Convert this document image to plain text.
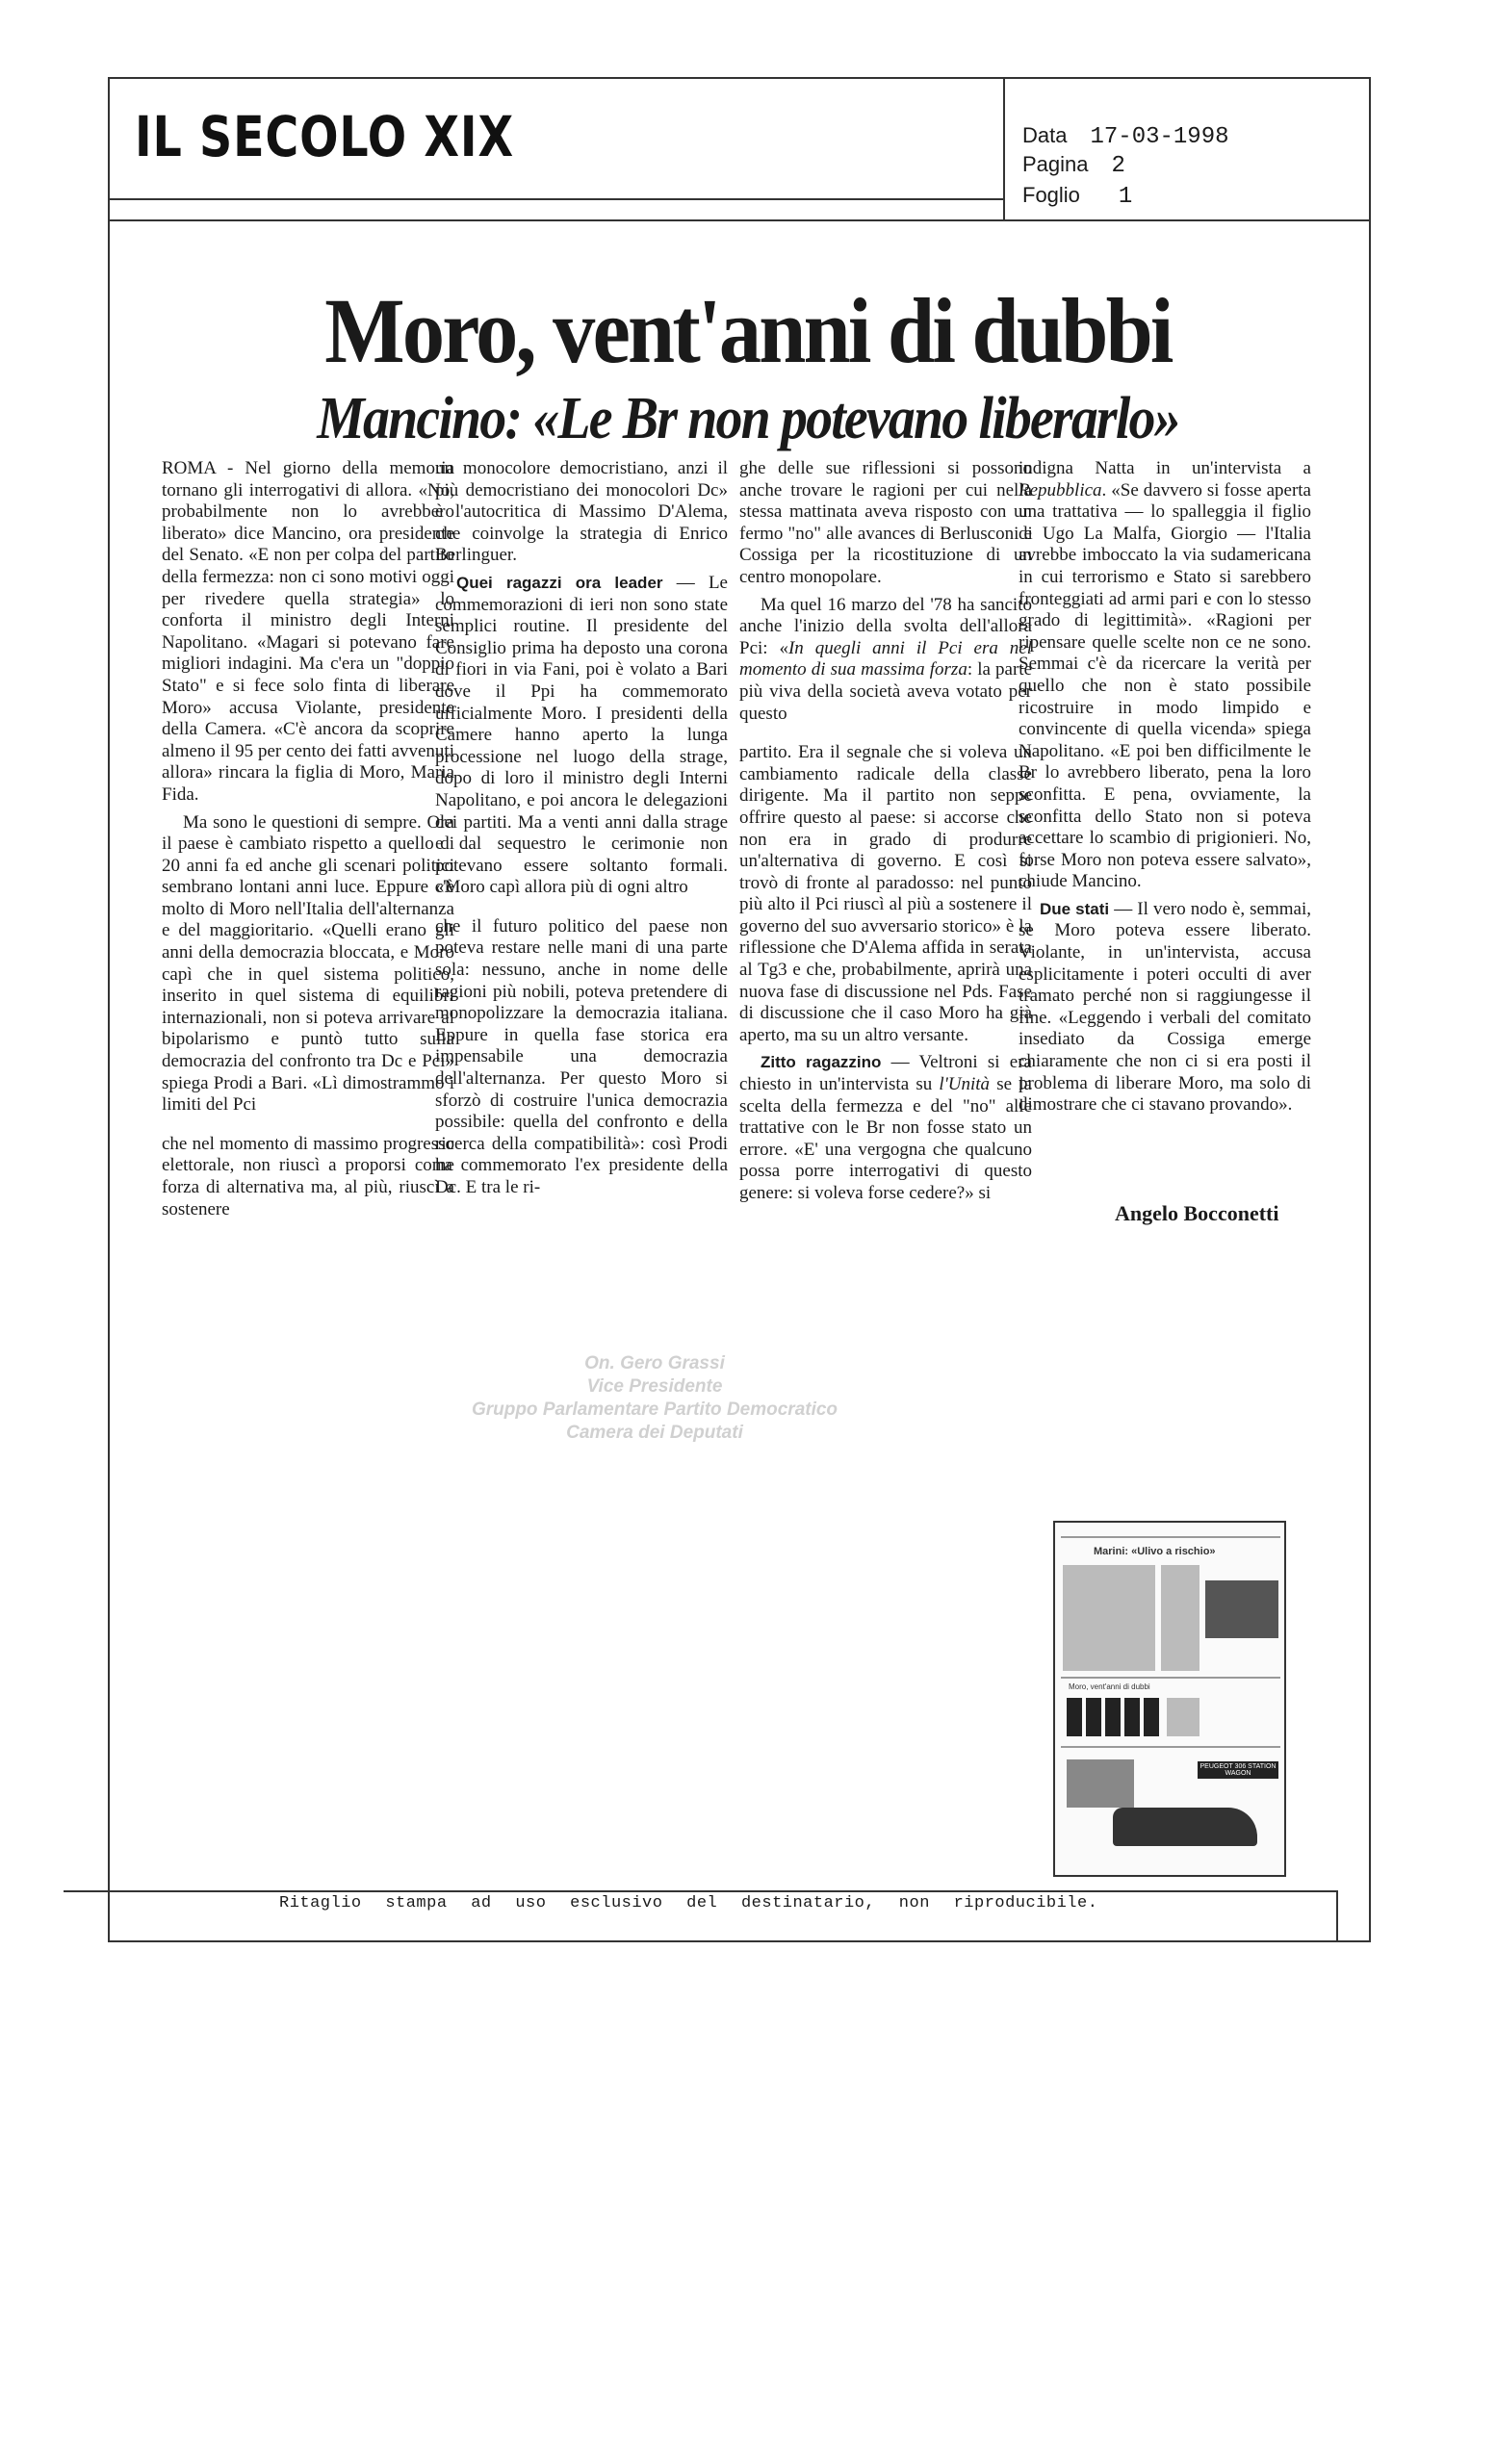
IL SECOLO XIX	Data 17-03-1998
Pagina 2
Foglio 1
Moro, vent'anni di dubbi
Mancino: «Le Br non potevano liberarlo»

ROMA - Nel giorno della memoria tornano gli interrogativi di allora. «No, probabilmente non lo avrebbero liberato» dice Mancino, ora presidente del Senato. «E non per colpa del partito della fermezza: non ci sono motivi oggi per rivedere quella strategia» lo conforta il ministro degli Interni Napolitano. «Magari si potevano fare migliori indagini. Ma c'era un "doppio Stato" e si fece solo finta di liberare Moro» accusa Violante, presidente della Camera. «C'è ancora da scoprire almeno il 95 per cento dei fatti avvenuti allora» rincara la figlia di Moro, Maria Fida.

Ma sono le questioni di sempre. Ora il paese è cambiato rispetto a quello di 20 anni fa ed anche gli scenari politici sembrano lontani anni luce. Eppure c'è molto di Moro nell'Italia dell'alternanza e del maggioritario. «Quelli erano gli anni della democrazia bloccata, e Moro capì che in quel sistema politico, inserito in quel sistema di equilibri internazionali, non si poteva arrivare al bipolarismo e puntò tutto sulla democrazia del confronto tra Dc e Pci» spiega Prodi a Bari. «Lì dimostrammo i limiti del Pci

che nel momento di massimo progresso elettorale, non riuscì a proporsi come forza di alternativa ma, al più, riuscì a sostenere

un monocolore democristiano, anzi il più democristiano dei monocolori Dc» è l'autocritica di Massimo D'Alema, che coinvolge la strategia di Enrico Berlinguer.

Quei ragazzi ora leader — Le commemorazioni di ieri non sono state semplici routine. Il presidente del Consiglio prima ha deposto una corona di fiori in via Fani, poi è volato a Bari dove il Ppi ha commemorato ufficialmente Moro. I presidenti della Camere hanno aperto la lunga processione nel luogo della strage, dopo di loro il ministro degli Interni Napolitano, e poi ancora le delegazioni dei partiti. Ma a venti anni dalla strage e dal sequestro le cerimonie non potevano essere soltanto formali. «Moro capì allora più di ogni altro

che il futuro politico del paese non poteva restare nelle mani di una parte sola: nessuno, anche in nome delle ragioni più nobili, poteva pretendere di monopolizzare la democrazia italiana. Eppure in quella fase storica era impensabile una democrazia dell'alternanza. Per questo Moro si sforzò di costruire l'unica democrazia possibile: quella del confronto e della ricerca della compatibilità»: così Prodi ha commemorato l'ex presidente della Dc. E tra le ri-

ghe delle sue riflessioni si possono anche trovare le ragioni per cui nella stessa mattinata aveva risposto con un fermo "no" alle avances di Berlusconi e Cossiga per la ricostituzione di un centro monopolare.

Ma quel 16 marzo del '78 ha sancito anche l'inizio della svolta dell'allora Pci: «In quegli anni il Pci era nel momento di sua massima forza: la parte più viva della società aveva votato per questo

partito. Era il segnale che si voleva un cambiamento radicale della classe dirigente. Ma il partito non seppe offrire questo al paese: si accorse che non era in grado di produrre un'alternativa di governo. E così si trovò di fronte al paradosso: nel punto più alto il Pci riuscì al più a sostenere il governo del suo avversario storico» è la riflessione che D'Alema affida in serata al Tg3 e che, probabilmente, aprirà una nuova fase di discussione nel Pds. Fase di discussione che il caso Moro ha già aperto, ma su un altro versante.

Zitto ragazzino — Veltroni si era chiesto in un'intervista su l'Unità se la scelta della fermezza e del "no" alle trattative con le Br non fosse stato un errore. «E' una vergogna che qualcuno possa porre interrogativi di questo genere: si voleva forse cedere?» si

indigna Natta in un'intervista a Repubblica. «Se davvero si fosse aperta una trattativa — lo spalleggia il figlio di Ugo La Malfa, Giorgio — l'Italia avrebbe imboccato la via sudamericana in cui terrorismo e Stato si sarebbero fronteggiati ad armi pari e con lo stesso grado di legittimità». «Ragioni per ripensare quelle scelte non ce ne sono. Semmai c'è da ricercare la verità per quello che non è stato possibile ricostruire in modo limpido e convincente di quella vicenda» spiega Napolitano. «E poi ben difficilmente le Br lo avrebbero liberato, pena la loro sconfitta. E pena, ovviamente, la sconfitta dello Stato non si poteva accettare lo scambio di prigionieri. No, forse Moro non poteva essere salvato», chiude Mancino.

Due stati — Il vero nodo è, semmai, se Moro poteva essere liberato. Violante, in un'intervista, accusa esplicitamente i poteri occulti di aver tramato perché non si raggiungesse il fine. «Leggendo i verbali del comitato insediato da Cossiga emerge chiaramente che non ci si era posti il problema di liberare Moro, ma solo di dimostrare che ci stavano provando».

Angelo Bocconetti
On. Gero Grassi
Vice Presidente
Gruppo Parlamentare Partito Democratico
Camera dei Deputati
Marini: «Ulivo a rischio»
Moro, vent'anni di dubbi
PEUGEOT 306 STATION WAGON
Ritaglio stampa ad uso esclusivo del destinatario, non riproducibile.
